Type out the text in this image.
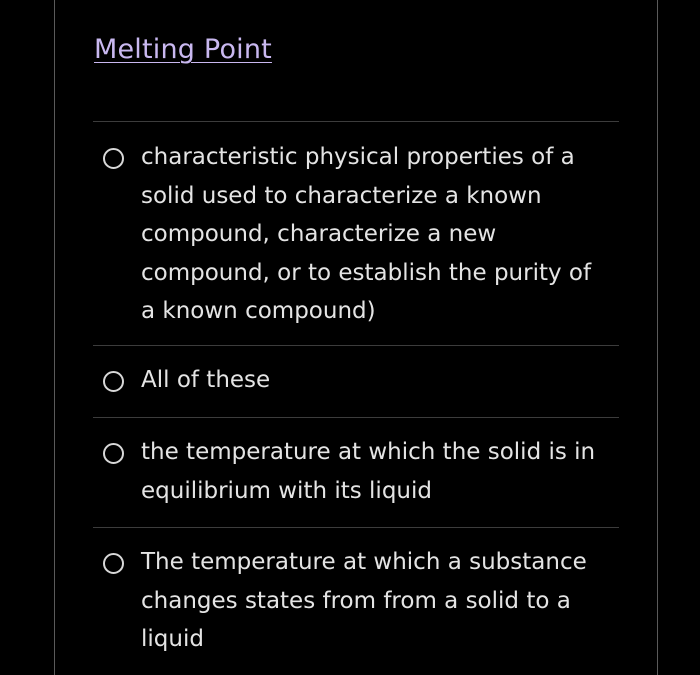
Melting Point
characteristic physical properties of a solid used to characterize a known compound, characterize a new compound, or to establish the purity of a known compound)
All of these
the temperature at which the solid is in equilibrium with its liquid
The temperature at which a substance changes states from from a solid to a liquid
